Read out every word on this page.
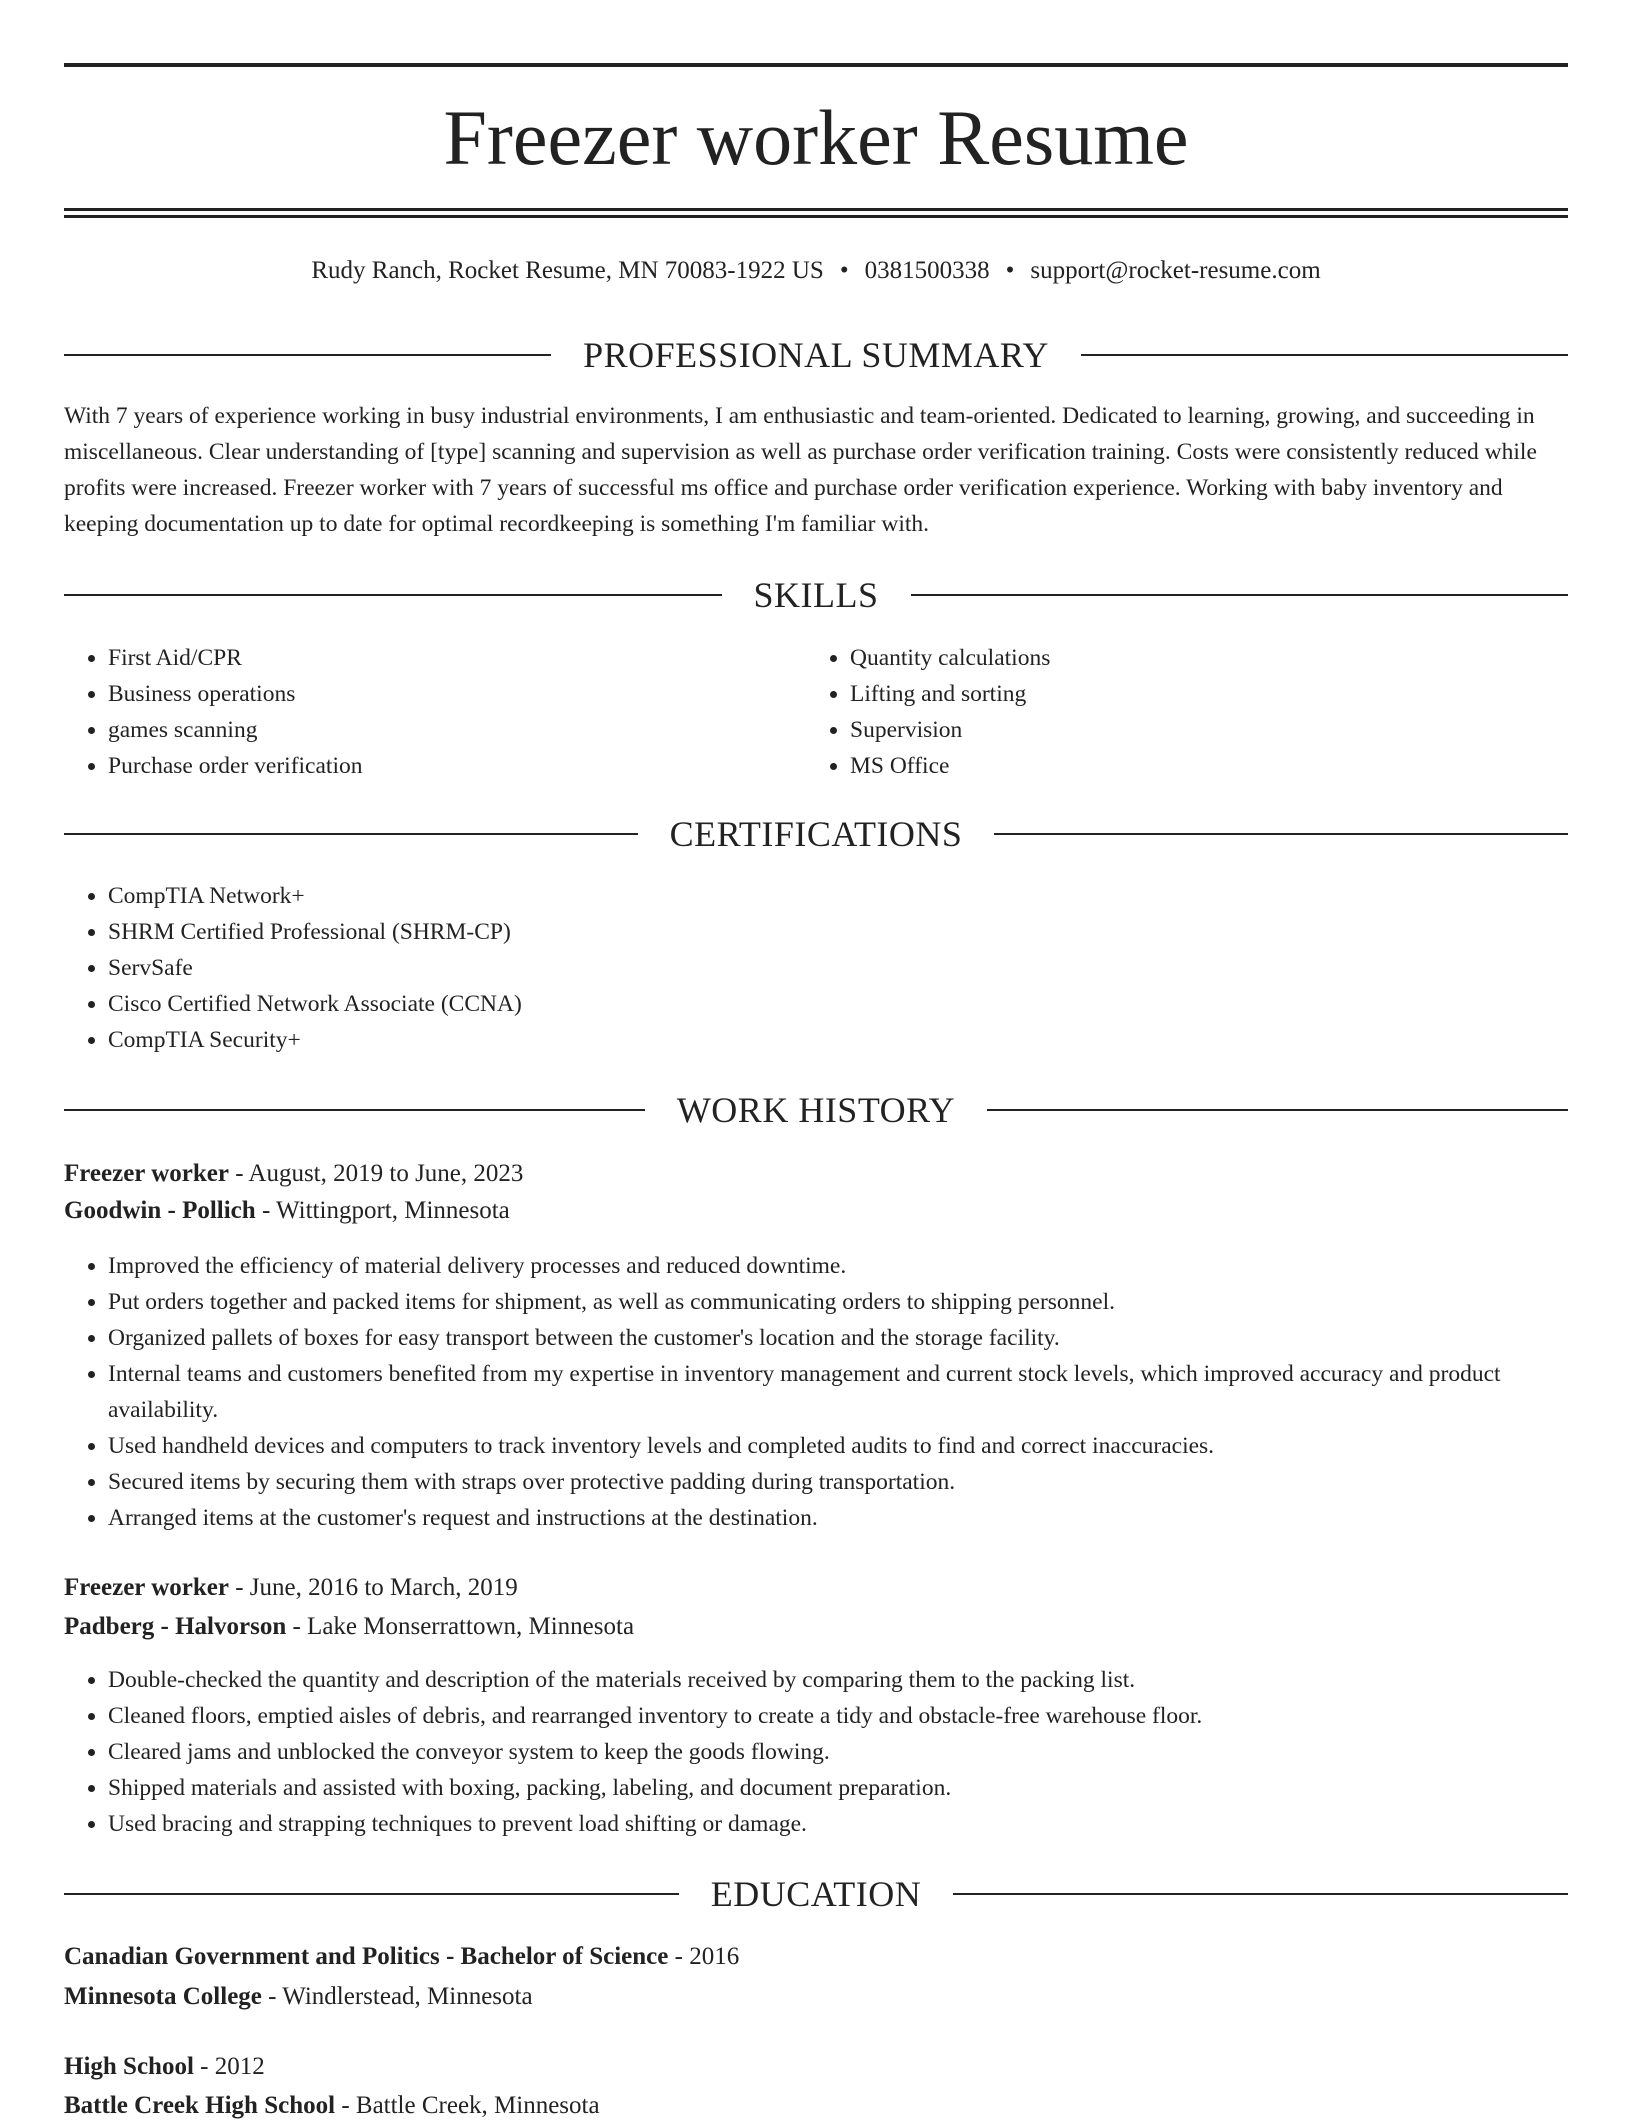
Freezer worker Resume
Rudy Ranch, Rocket Resume, MN 70083-1922 US • 0381500338 • support@rocket-resume.com
PROFESSIONAL SUMMARY

With 7 years of experience working in busy industrial environments, I am enthusiastic and team-oriented. Dedicated to learning, growing, and succeeding in miscellaneous. Clear understanding of [type] scanning and supervision as well as purchase order verification training. Costs were consistently reduced while profits were increased. Freezer worker with 7 years of successful ms office and purchase order verification experience. Working with baby inventory and keeping documentation up to date for optimal recordkeeping is something I'm familiar with.

SKILLS
• First Aid/CPR
• Business operations
• games scanning
• Purchase order verification
• Quantity calculations
• Lifting and sorting
• Supervision
• MS Office
CERTIFICATIONS
• CompTIA Network+
• SHRM Certified Professional (SHRM-CP)
• ServSafe
• Cisco Certified Network Associate (CCNA)
• CompTIA Security+
WORK HISTORY
Freezer worker - August, 2019 to June, 2023
Goodwin - Pollich - Wittingport, Minnesota
• Improved the efficiency of material delivery processes and reduced downtime.
• Put orders together and packed items for shipment, as well as communicating orders to shipping personnel.
• Organized pallets of boxes for easy transport between the customer's location and the storage facility.
• Internal teams and customers benefited from my expertise in inventory management and current stock levels, which improved accuracy and product availability.
• Used handheld devices and computers to track inventory levels and completed audits to find and correct inaccuracies.
• Secured items by securing them with straps over protective padding during transportation.
• Arranged items at the customer's request and instructions at the destination.
Freezer worker - June, 2016 to March, 2019
Padberg - Halvorson - Lake Monserrattown, Minnesota
• Double-checked the quantity and description of the materials received by comparing them to the packing list.
• Cleaned floors, emptied aisles of debris, and rearranged inventory to create a tidy and obstacle-free warehouse floor.
• Cleared jams and unblocked the conveyor system to keep the goods flowing.
• Shipped materials and assisted with boxing, packing, labeling, and document preparation.
• Used bracing and strapping techniques to prevent load shifting or damage.
EDUCATION
Canadian Government and Politics - Bachelor of Science - 2016
Minnesota College - Windlerstead, Minnesota
High School - 2012
Battle Creek High School - Battle Creek, Minnesota
